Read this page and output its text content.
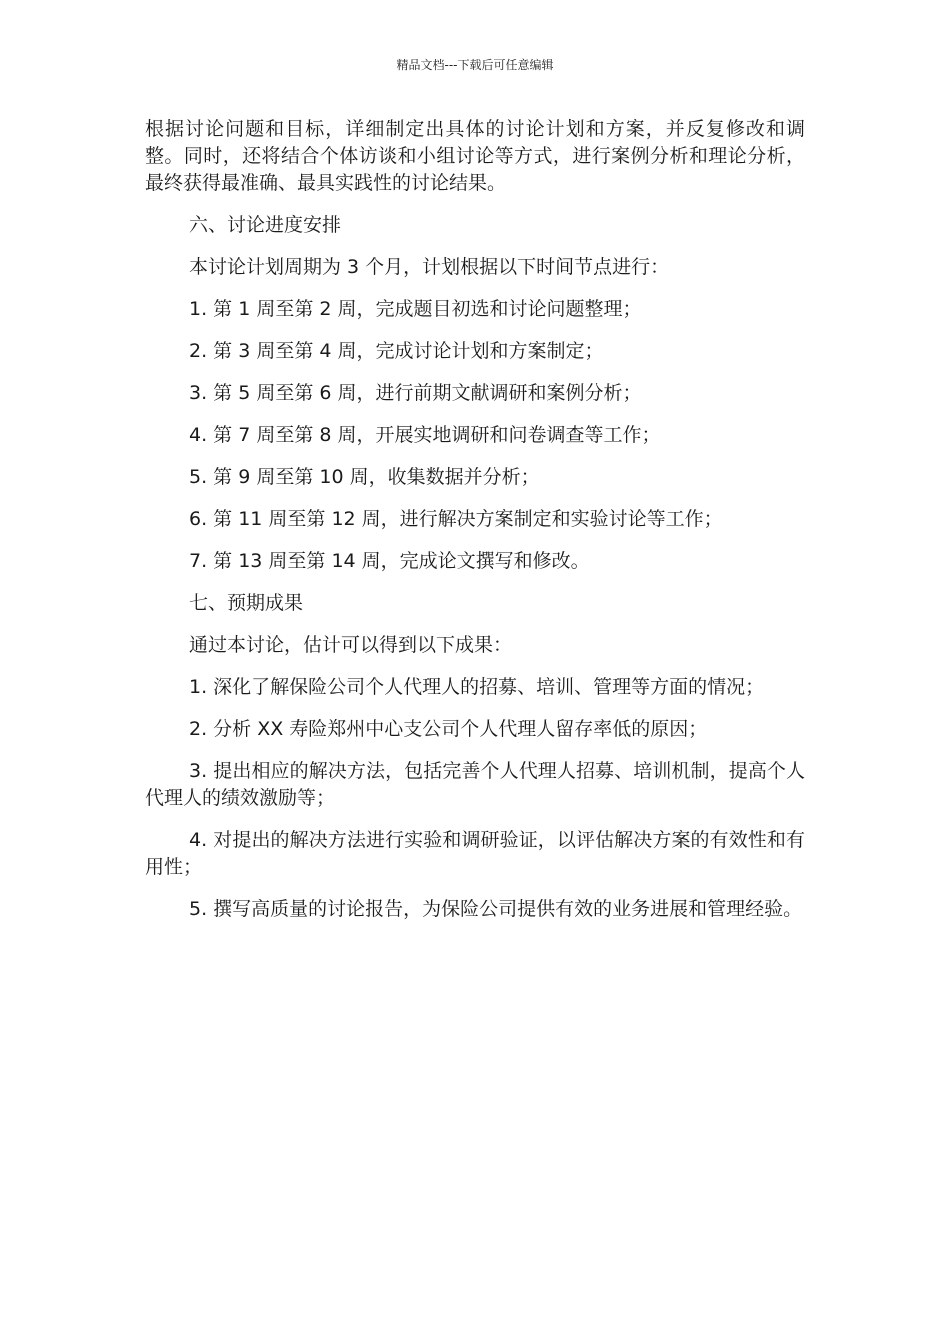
精品文档---下载后可任意编辑

根据讨论问题和目标，详细制定出具体的讨论计划和方案，并反复修改和调整。同时，还将结合个体访谈和小组讨论等方式，进行案例分析和理论分析，最终获得最准确、最具实践性的讨论结果。

六、讨论进度安排

本讨论计划周期为 3 个月，计划根据以下时间节点进行：

1. 第 1 周至第 2 周，完成题目初选和讨论问题整理；

2. 第 3 周至第 4 周，完成讨论计划和方案制定；

3. 第 5 周至第 6 周，进行前期文献调研和案例分析；

4. 第 7 周至第 8 周，开展实地调研和问卷调查等工作；

5. 第 9 周至第 10 周，收集数据并分析；

6. 第 11 周至第 12 周，进行解决方案制定和实验讨论等工作；

7. 第 13 周至第 14 周，完成论文撰写和修改。

七、预期成果

通过本讨论，估计可以得到以下成果：

1. 深化了解保险公司个人代理人的招募、培训、管理等方面的情况；

2. 分析 XX 寿险郑州中心支公司个人代理人留存率低的原因；

3. 提出相应的解决方法，包括完善个人代理人招募、培训机制，提高个人代理人的绩效激励等；

4. 对提出的解决方法进行实验和调研验证，以评估解决方案的有效性和有用性；

5. 撰写高质量的讨论报告，为保险公司提供有效的业务进展和管理经验。
